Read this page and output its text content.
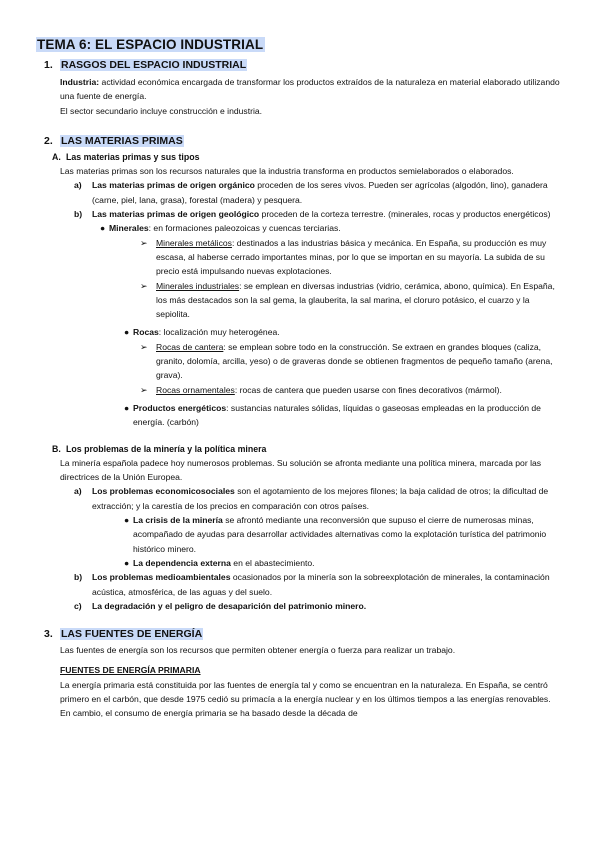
TEMA 6: EL ESPACIO INDUSTRIAL
1. RASGOS DEL ESPACIO INDUSTRIAL

Industria: actividad económica encargada de transformar los productos extraídos de la naturaleza en material elaborado utilizando una fuente de energía.

El sector secundario incluye construcción e industria.

2. LAS MATERIAS PRIMAS
A. Las materias primas y sus tipos

Las materias primas son los recursos naturales que la industria transforma en productos semielaborados o elaborados.

a)	Las materias primas de origen orgánico proceden de los seres vivos. Pueden ser agrícolas (algodón, lino), ganadera (carne, piel, lana, grasa), forestal (madera) y pesquera.

b)	Las materias primas de origen geológico proceden de la corteza terrestre. (minerales, rocas y productos energéticos)

● Minerales: en formaciones paleozoicas y cuencas terciarias.

➢ Minerales metálicos: destinados a las industrias básica y mecánica. En España, su producción es muy escasa, al haberse cerrado importantes minas, por lo que se importan en su mayoría. La subida de su precio está impulsando nuevas explotaciones.

➢ Minerales industriales: se emplean en diversas industrias (vidrio, cerámica, abono, química). En España, los más destacados son la sal gema, la glauberita, la sal marina, el cloruro potásico, el cuarzo y la sepiolita.

● Rocas: localización muy heterogénea.

➢ Rocas de cantera: se emplean sobre todo en la construcción. Se extraen en grandes bloques (caliza, granito, dolomía, arcilla, yeso) o de graveras donde se obtienen fragmentos de pequeño tamaño (arena, grava).

➢ Rocas ornamentales: rocas de cantera que pueden usarse con fines decorativos (mármol).

● Productos energéticos: sustancias naturales sólidas, líquidas o gaseosas empleadas en la producción de energía. (carbón)

B. Los problemas de la minería y la política minera

La minería española padece hoy numerosos problemas. Su solución se afronta mediante una política minera, marcada por las directrices de la Unión Europea.

a)	Los problemas economicosociales son el agotamiento de los mejores filones; la baja calidad de otros; la dificultad de extracción; y la carestía de los precios en comparación con otros países.

● La crisis de la minería se afrontó mediante una reconversión que supuso el cierre de numerosas minas, acompañado de ayudas para desarrollar actividades alternativas como la explotación turística del patrimonio histórico minero.

● La dependencia externa en el abastecimiento.

b)	Los problemas medioambientales ocasionados por la minería son la sobreexplotación de minerales, la contaminación acústica, atmosférica, de las aguas y del suelo.

c)	La degradación y el peligro de desaparición del patrimonio minero.

3. LAS FUENTES DE ENERGÍA

Las fuentes de energía son los recursos que permiten obtener energía o fuerza para realizar un trabajo.

FUENTES DE ENERGÍA PRIMARIA

La energía primaria está constituida por las fuentes de energía tal y como se encuentran en la naturaleza. En España, se centró primero en el carbón, que desde 1975 cedió su primacía a la energía nuclear y en los últimos tiempos a las energías renovables. En cambio, el consumo de energía primaria se ha basado desde la década de
